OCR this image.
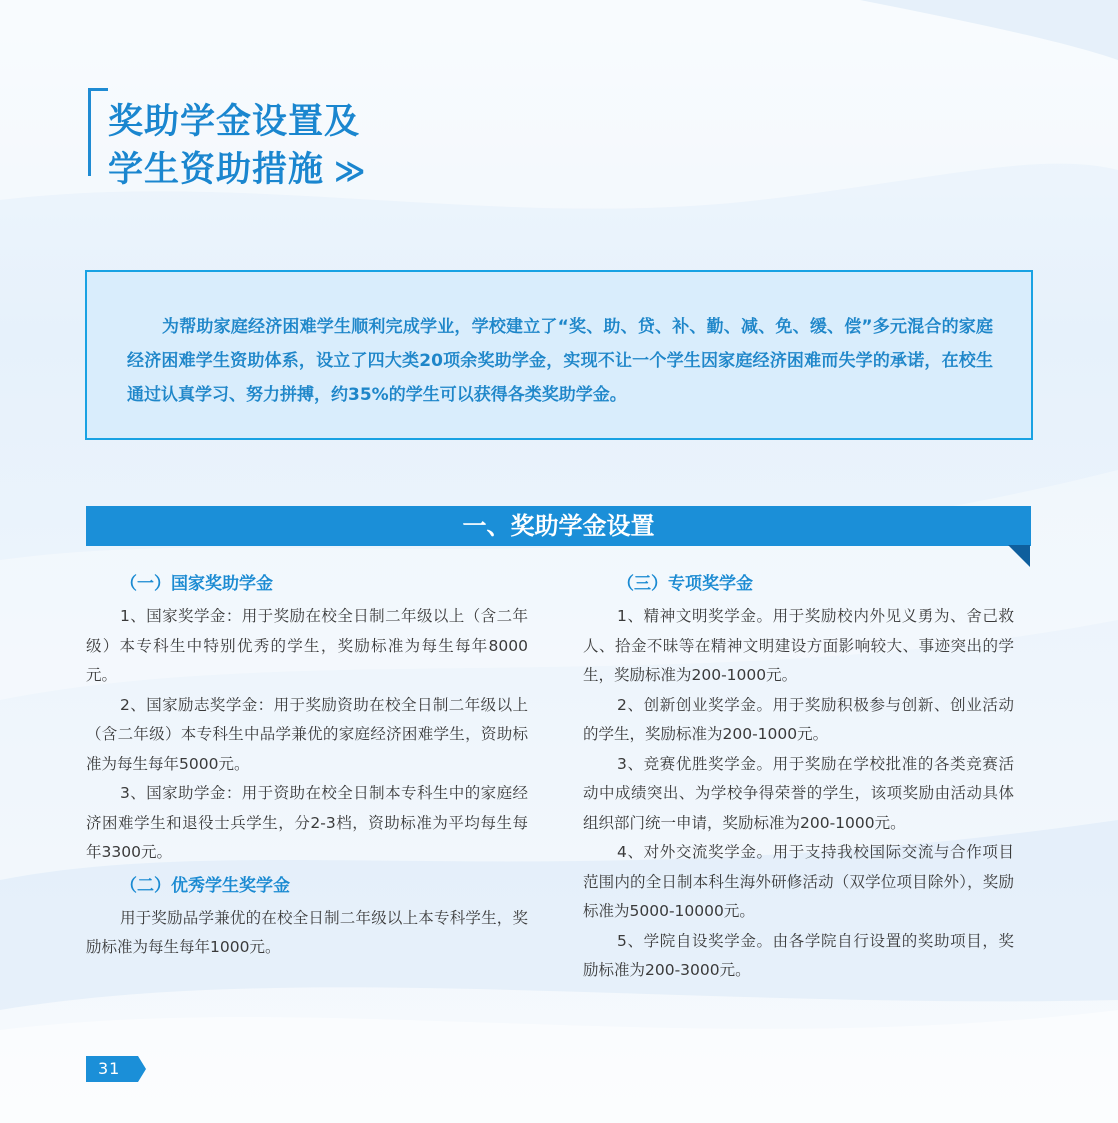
奖助学金设置及
学生资助措施 ≫

为帮助家庭经济困难学生顺利完成学业，学校建立了“奖、助、贷、补、勤、减、免、缓、偿”多元混合的家庭经济困难学生资助体系，设立了四大类20项余奖助学金，实现不让一个学生因家庭经济困难而失学的承诺，在校生通过认真学习、努力拼搏，约35%的学生可以获得各类奖助学金。

一、奖助学金设置
（一）国家奖助学金

1、国家奖学金：用于奖励在校全日制二年级以上（含二年级）本专科生中特别优秀的学生，奖励标准为每生每年8000元。

2、国家励志奖学金：用于奖励资助在校全日制二年级以上（含二年级）本专科生中品学兼优的家庭经济困难学生，资助标准为每生每年5000元。

3、国家助学金：用于资助在校全日制本专科生中的家庭经济困难学生和退役士兵学生，分2-3档，资助标准为平均每生每年3300元。

（二）优秀学生奖学金

用于奖励品学兼优的在校全日制二年级以上本专科学生，奖励标准为每生每年1000元。

（三）专项奖学金

1、精神文明奖学金。用于奖励校内外见义勇为、舍己救人、拾金不昧等在精神文明建设方面影响较大、事迹突出的学生，奖励标准为200-1000元。

2、创新创业奖学金。用于奖励积极参与创新、创业活动的学生，奖励标准为200-1000元。

3、竞赛优胜奖学金。用于奖励在学校批准的各类竞赛活动中成绩突出、为学校争得荣誉的学生，该项奖励由活动具体组织部门统一申请，奖励标准为200-1000元。

4、对外交流奖学金。用于支持我校国际交流与合作项目范围内的全日制本科生海外研修活动（双学位项目除外），奖励标准为5000-10000元。

5、学院自设奖学金。由各学院自行设置的奖助项目，奖励标准为200-3000元。

31
